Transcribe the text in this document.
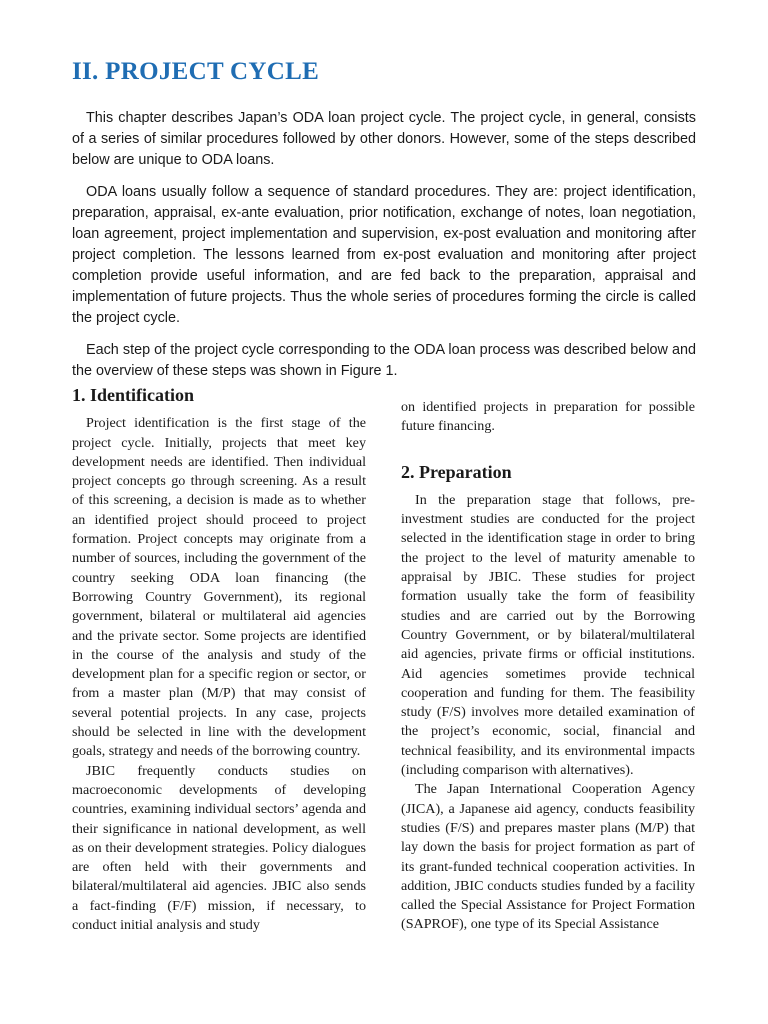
II. PROJECT CYCLE

This chapter describes Japan’s ODA loan project cycle. The project cycle, in general, consists of a series of similar procedures followed by other donors. However, some of the steps described below are unique to ODA loans.

ODA loans usually follow a sequence of standard procedures. They are: project identification, preparation, appraisal, ex-ante evaluation, prior notification, exchange of notes, loan negotiation, loan agreement, project implementation and supervision, ex-post evaluation and monitoring after project completion. The lessons learned from ex-post evaluation and monitoring after project completion provide useful information, and are fed back to the preparation, appraisal and implementation of future projects. Thus the whole series of procedures forming the circle is called the project cycle.

Each step of the project cycle corresponding to the ODA loan process was described below and the overview of these steps was shown in Figure 1.

1. Identification

Project identification is the first stage of the project cycle. Initially, projects that meet key development needs are identified. Then individual project concepts go through screening. As a result of this screening, a decision is made as to whether an identified project should proceed to project formation. Project concepts may originate from a number of sources, including the government of the country seeking ODA loan financing (the Borrowing Country Government), its regional government, bilateral or multilateral aid agencies and the private sector. Some projects are identified in the course of the analysis and study of the development plan for a specific region or sector, or from a master plan (M/P) that may consist of several potential projects. In any case, projects should be selected in line with the development goals, strategy and needs of the borrowing country.

JBIC frequently conducts studies on macroeconomic developments of developing countries, examining individual sectors’ agenda and their significance in national development, as well as on their development strategies. Policy dialogues are often held with their governments and bilateral/multilateral aid agencies. JBIC also sends a fact-finding (F/F) mission, if necessary, to conduct initial analysis and study

on identified projects in preparation for possible future financing.

2. Preparation

In the preparation stage that follows, pre-investment studies are conducted for the project selected in the identification stage in order to bring the project to the level of maturity amenable to appraisal by JBIC. These studies for project formation usually take the form of feasibility studies and are carried out by the Borrowing Country Government, or by bilateral/multilateral aid agencies, private firms or official institutions. Aid agencies sometimes provide technical cooperation and funding for them. The feasibility study (F/S) involves more detailed examination of the project’s economic, social, financial and technical feasibility, and its environmental impacts (including comparison with alternatives).

The Japan International Cooperation Agency (JICA), a Japanese aid agency, conducts feasibility studies (F/S) and prepares master plans (M/P) that lay down the basis for project formation as part of its grant-funded technical cooperation activities. In addition, JBIC conducts studies funded by a facility called the Special Assistance for Project Formation (SAPROF), one type of its Special Assistance
